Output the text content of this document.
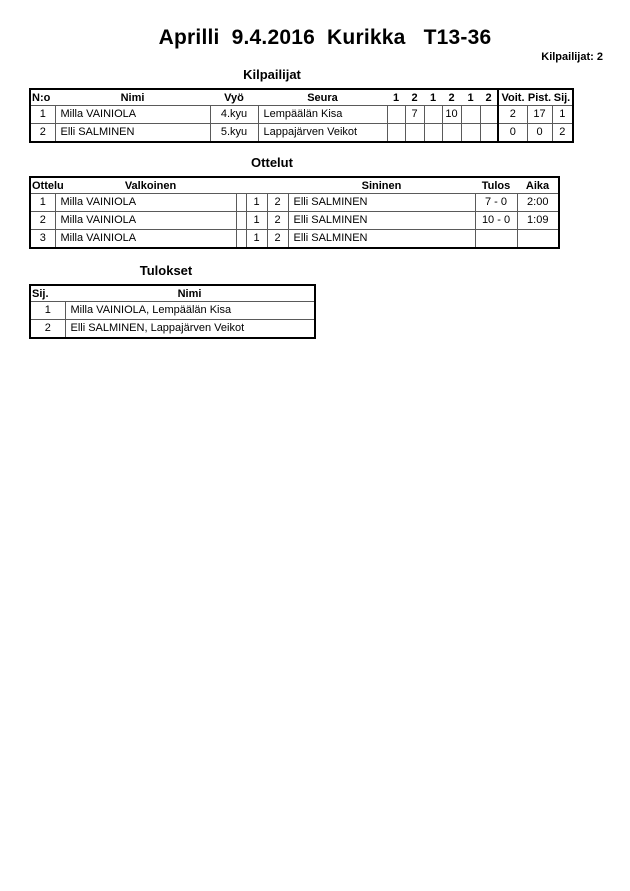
Aprilli  9.4.2016  Kurikka   T13-36
Kilpailijat: 2
Kilpailijat
N:o	Nimi	Vyö	Seura	1	2	1	2	1	2	Voit.	Pist.	Sij.
1	Milla VAINIOLA	4.kyu	Lempäälän Kisa		7		10			2	17	1
2	Elli SALMINEN	5.kyu	Lappajärven Veikot							0	0	2
Ottelut
Ottelu	Valkoinen				Sininen	Tulos	Aika
1	Milla VAINIOLA		1	2	Elli SALMINEN	7 - 0	2:00
2	Milla VAINIOLA		1	2	Elli SALMINEN	10 - 0	1:09
3	Milla VAINIOLA		1	2	Elli SALMINEN		
Tulokset
Sij.	Nimi
1	Milla VAINIOLA, Lempäälän Kisa
2	Elli SALMINEN, Lappajärven Veikot
